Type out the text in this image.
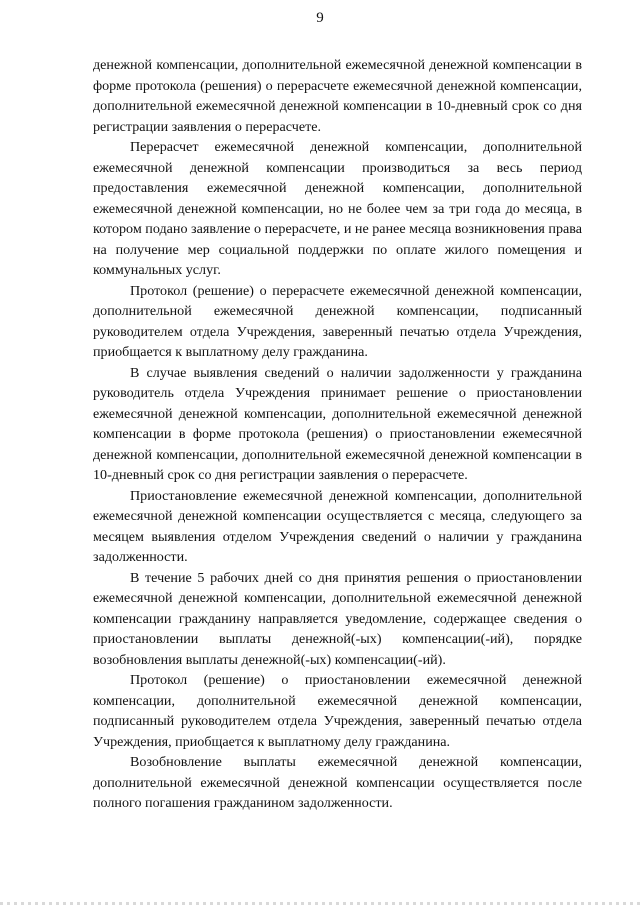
9

денежной компенсации, дополнительной ежемесячной денежной компенсации в форме протокола (решения) о перерасчете ежемесячной денежной компенсации, дополнительной ежемесячной денежной компенсации в 10-дневный срок со дня регистрации заявления о перерасчете.

Перерасчет ежемесячной денежной компенсации, дополнительной ежемесячной денежной компенсации производиться за весь период предоставления ежемесячной денежной компенсации, дополнительной ежемесячной денежной компенсации, но не более чем за три года до месяца, в котором подано заявление о перерасчете, и не ранее месяца возникновения права на получение мер социальной поддержки по оплате жилого помещения и коммунальных услуг.

Протокол (решение) о перерасчете ежемесячной денежной компенсации, дополнительной ежемесячной денежной компенсации, подписанный руководителем отдела Учреждения, заверенный печатью отдела Учреждения, приобщается к выплатному делу гражданина.

В случае выявления сведений о наличии задолженности у гражданина руководитель отдела Учреждения принимает решение о приостановлении ежемесячной денежной компенсации, дополнительной ежемесячной денежной компенсации в форме протокола (решения) о приостановлении ежемесячной денежной компенсации, дополнительной ежемесячной денежной компенсации в 10-дневный срок со дня регистрации заявления о перерасчете.

Приостановление ежемесячной денежной компенсации, дополнительной ежемесячной денежной компенсации осуществляется с месяца, следующего за месяцем выявления отделом Учреждения сведений о наличии у гражданина задолженности.

В течение 5 рабочих дней со дня принятия решения о приостановлении ежемесячной денежной компенсации, дополнительной ежемесячной денежной компенсации гражданину направляется уведомление, содержащее сведения о приостановлении выплаты денежной(-ых) компенсации(-ий), порядке возобновления выплаты денежной(-ых) компенсации(-ий).

Протокол (решение) о приостановлении ежемесячной денежной компенсации, дополнительной ежемесячной денежной компенсации, подписанный руководителем отдела Учреждения, заверенный печатью отдела Учреждения, приобщается к выплатному делу гражданина.

Возобновление выплаты ежемесячной денежной компенсации, дополнительной ежемесячной денежной компенсации осуществляется после полного погашения гражданином задолженности.
